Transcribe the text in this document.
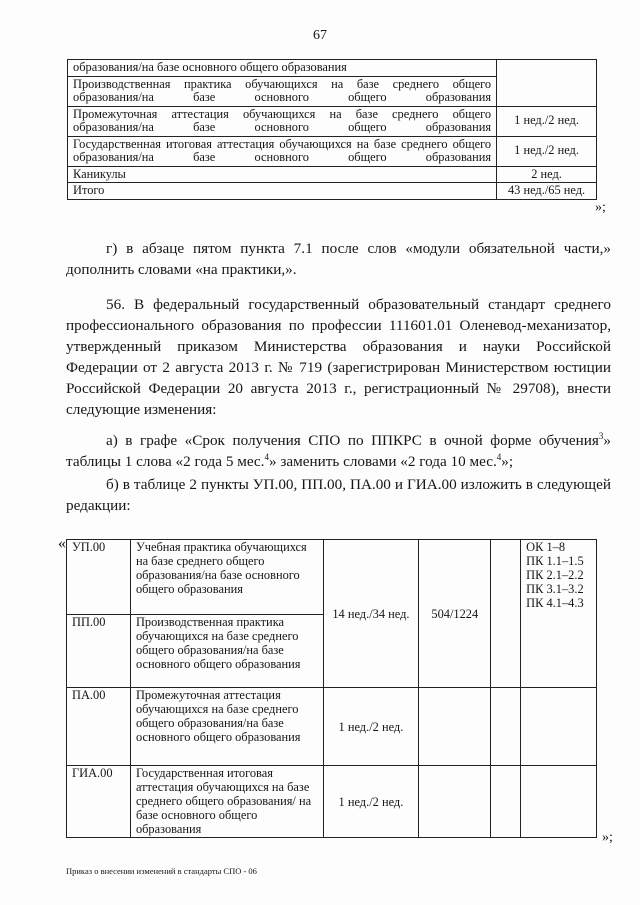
67
образования/на базе основного общего образования	
Производственная практика обучающихся на базе среднего общего образования/на базе основного общего образования	
Промежуточная аттестация обучающихся на базе среднего общего образования/на базе основного общего образования	1 нед./2 нед.
Государственная итоговая аттестация обучающихся на базе среднего общего образования/на базе основного общего образования	1 нед./2 нед.
Каникулы	2 нед.
Итого	43 нед./65 нед.
»;
г) в абзаце пятом пункта 7.1 после слов «модули обязательной части,» дополнить словами «на практики,».
56. В федеральный государственный образовательный стандарт среднего профессионального образования по профессии 111601.01 Оленевод-механизатор, утвержденный приказом Министерства образования и науки Российской Федерации от 2 августа 2013 г. № 719 (зарегистрирован Министерством юстиции Российской Федерации 20 августа 2013 г., регистрационный № 29708), внести следующие изменения:
а) в графе «Срок получения СПО по ППКРС в очной форме обучения$^3$» таблицы 1 слова «2 года 5 мес.$^4$» заменить словами «2 года 10 мес.$^4$»;
б) в таблице 2 пункты УП.00, ПП.00, ПА.00 и ГИА.00 изложить в следующей редакции:
« УП.00	Учебная практика обучающихся на базе среднего общего образования/на базе основного общего образования	14 нед./34 нед.	504/1224		ОК 1–8
ПК 1.1–1.5
ПК 2.1–2.2
ПК 3.1–3.2
ПК 4.1–4.3

ПП.00	Производственная практика обучающихся на базе среднего общего образования/на базе основного общего образования				
ПА.00	Промежуточная аттестация обучающихся на базе среднего общего образования/на базе основного общего образования	1 нед./2 нед.			
ГИА.00	Государственная итоговая аттестация обучающихся на базе среднего общего образования/ на базе основного общего образования	1 нед./2 нед.			
»;
Приказ о внесении изменений в стандарты СПО - 06
